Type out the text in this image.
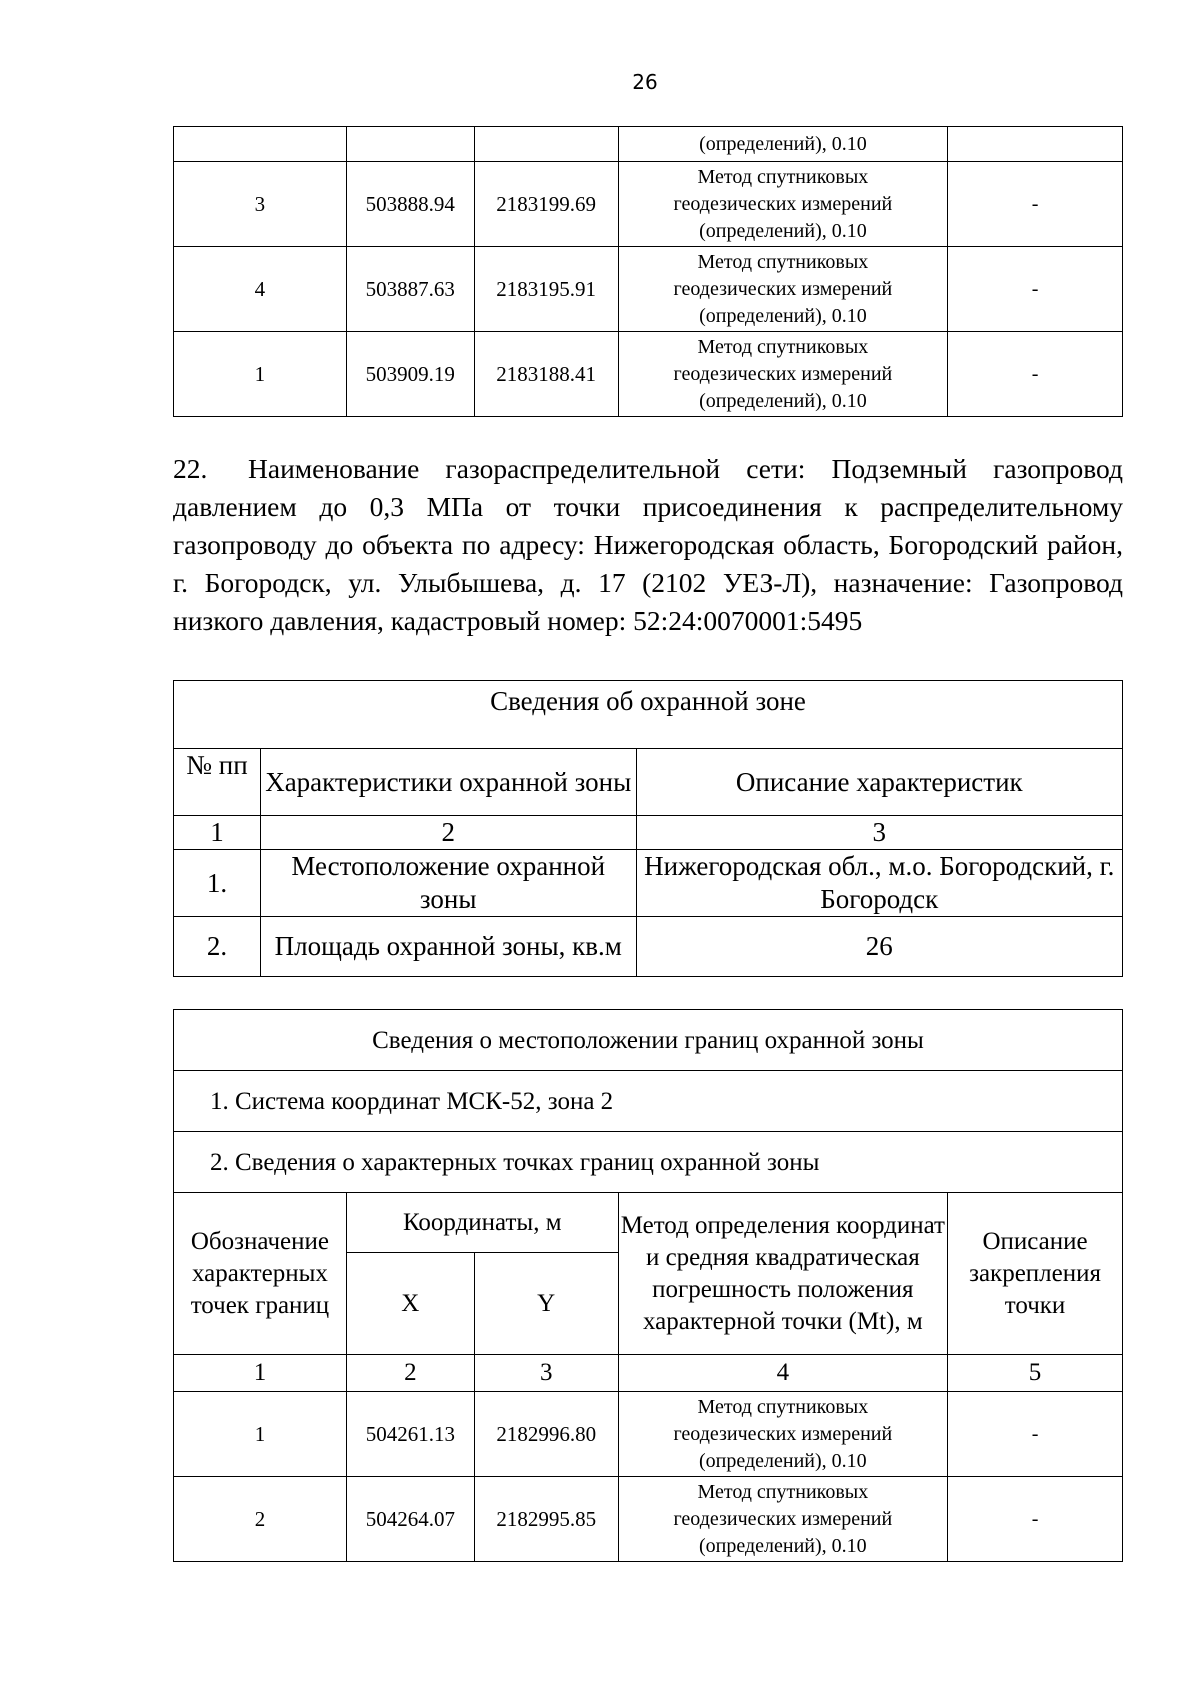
26
			(определений), 0.10	
3	503888.94	2183199.69	Метод спутниковых
геодезических измерений
(определений), 0.10	-
4	503887.63	2183195.91	Метод спутниковых
геодезических измерений
(определений), 0.10	-
1	503909.19	2183188.41	Метод спутниковых
геодезических измерений
(определений), 0.10	-
22. Наименование газораспределительной сети: Подземный газопровод давлением до 0,3 МПа от точки присоединения к распределительному газопроводу до объекта по адресу: Нижегородская область, Богородский район, г. Богородск, ул. Улыбышева, д. 17 (2102 УЕЗ-Л), назначение: Газопровод низкого давления, кадастровый номер: 52:24:0070001:5495
Сведения об охранной зоне		
№ пп	Характеристики охранной зоны	Описание характеристик
1	2	3
1.	Местоположение охранной зоны	Нижегородская обл., м.о. Богородский, г. Богородск
2.	Площадь охранной зоны, кв.м	26
Сведения о местоположении границ охранной зоны				
1. Система координат МСК-52, зона 2				
2. Сведения о характерных точках границ охранной зоны				
Обозначение характерных точек границ	Координаты, м		Метод определения координат и средняя квадратическая погрешность положения характерной точки (Mt), м	Описание закрепления точки
	X	Y		
1	2	3	4	5
1	504261.13	2182996.80	Метод спутниковых
геодезических измерений
(определений), 0.10	-
2	504264.07	2182995.85	Метод спутниковых
геодезических измерений
(определений), 0.10	-
